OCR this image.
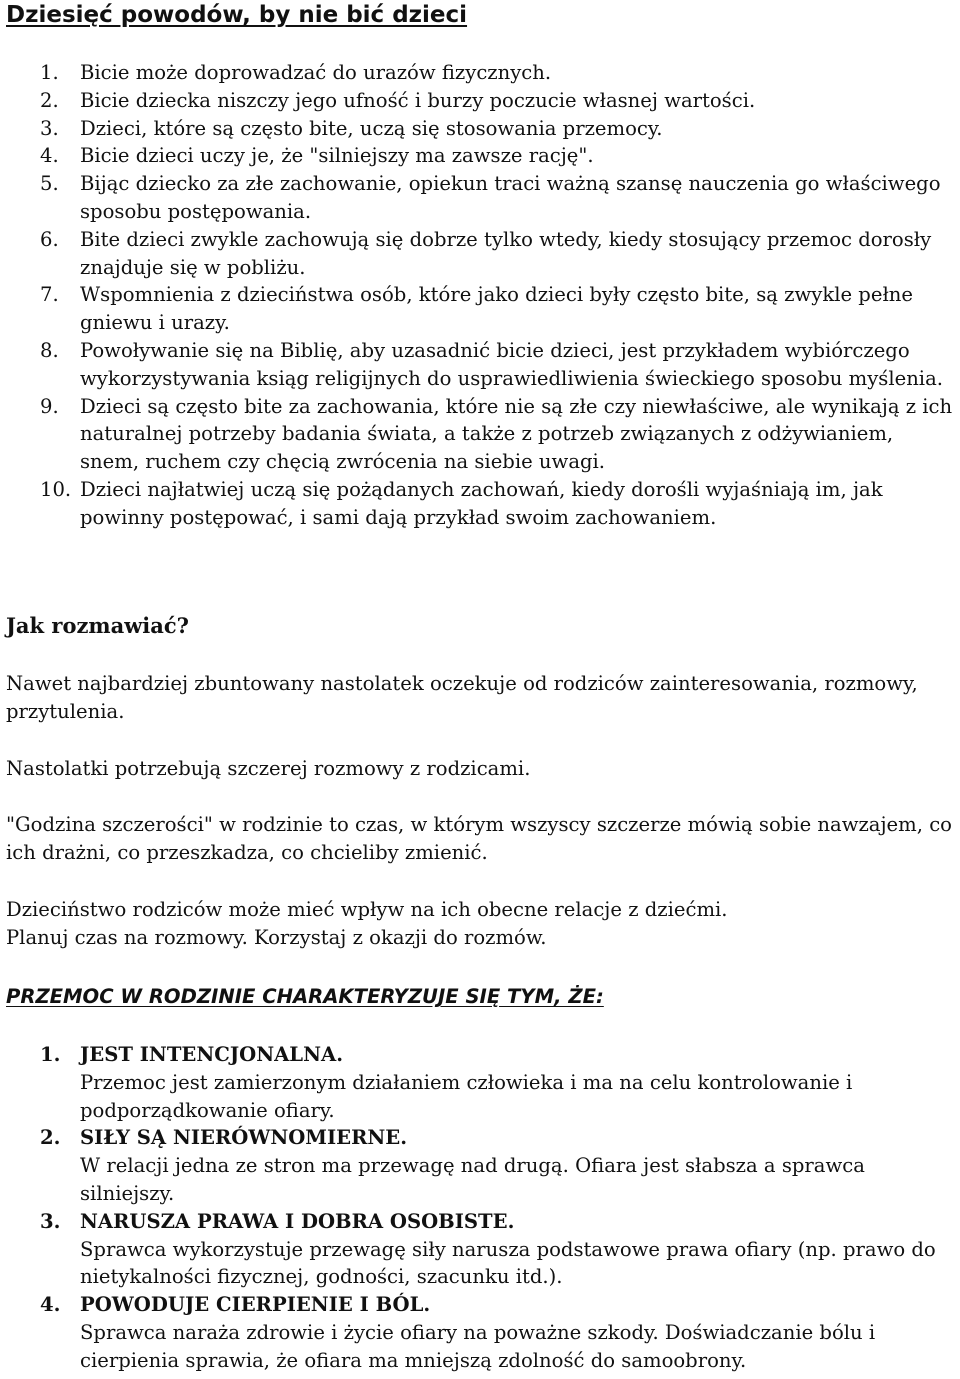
Dziesięć powodów, by nie bić dzieci
1. Bicie może doprowadzać do urazów fizycznych.
2. Bicie dziecka niszczy jego ufność i burzy poczucie własnej wartości.
3. Dzieci, które są często bite, uczą się stosowania przemocy.
4. Bicie dzieci uczy je, że "silniejszy ma zawsze rację".
5. Bijąc dziecko za złe zachowanie, opiekun traci ważną szansę nauczenia go właściwego sposobu postępowania.
6. Bite dzieci zwykle zachowują się dobrze tylko wtedy, kiedy stosujący przemoc dorosły znajduje się w pobliżu.
7. Wspomnienia z dzieciństwa osób, które jako dzieci były często bite, są zwykle pełne gniewu i urazy.
8. Powoływanie się na Biblię, aby uzasadnić bicie dzieci, jest przykładem wybiórczego wykorzystywania ksiąg religijnych do usprawiedliwienia świeckiego sposobu myślenia.
9. Dzieci są często bite za zachowania, które nie są złe czy niewłaściwe, ale wynikają z ich naturalnej potrzeby badania świata, a także z potrzeb związanych z odżywianiem, snem, ruchem czy chęcią zwrócenia na siebie uwagi.
10. Dzieci najłatwiej uczą się pożądanych zachowań, kiedy dorośli wyjaśniają im, jak powinny postępować, i sami dają przykład swoim zachowaniem.
Jak rozmawiać?

Nawet najbardziej zbuntowany nastolatek oczekuje od rodziców zainteresowania, rozmowy, przytulenia.

Nastolatki potrzebują szczerej rozmowy z rodzicami.

"Godzina szczerości" w rodzinie to czas, w którym wszyscy szczerze mówią sobie nawzajem, co ich drażni, co przeszkadza, co chcieliby zmienić.

Dzieciństwo rodziców może mieć wpływ na ich obecne relacje z dziećmi.

Planuj czas na rozmowy. Korzystaj z okazji do rozmów.

PRZEMOC W RODZINIE CHARAKTERYZUJE SIĘ TYM, ŻE:
1. JEST INTENCJONALNA.
Przemoc jest zamierzonym działaniem człowieka i ma na celu kontrolowanie i podporządkowanie ofiary.
2. SIŁY SĄ NIERÓWNOMIERNE.
W relacji jedna ze stron ma przewagę nad drugą. Ofiara jest słabsza a sprawca silniejszy.
3. NARUSZA PRAWA I DOBRA OSOBISTE.
Sprawca wykorzystuje przewagę siły narusza podstawowe prawa ofiary (np. prawo do nietykalności fizycznej, godności, szacunku itd.).
4. POWODUJE CIERPIENIE I BÓL.
Sprawca naraża zdrowie i życie ofiary na poważne szkody. Doświadczanie bólu i cierpienia sprawia, że ofiara ma mniejszą zdolność do samoobrony.
